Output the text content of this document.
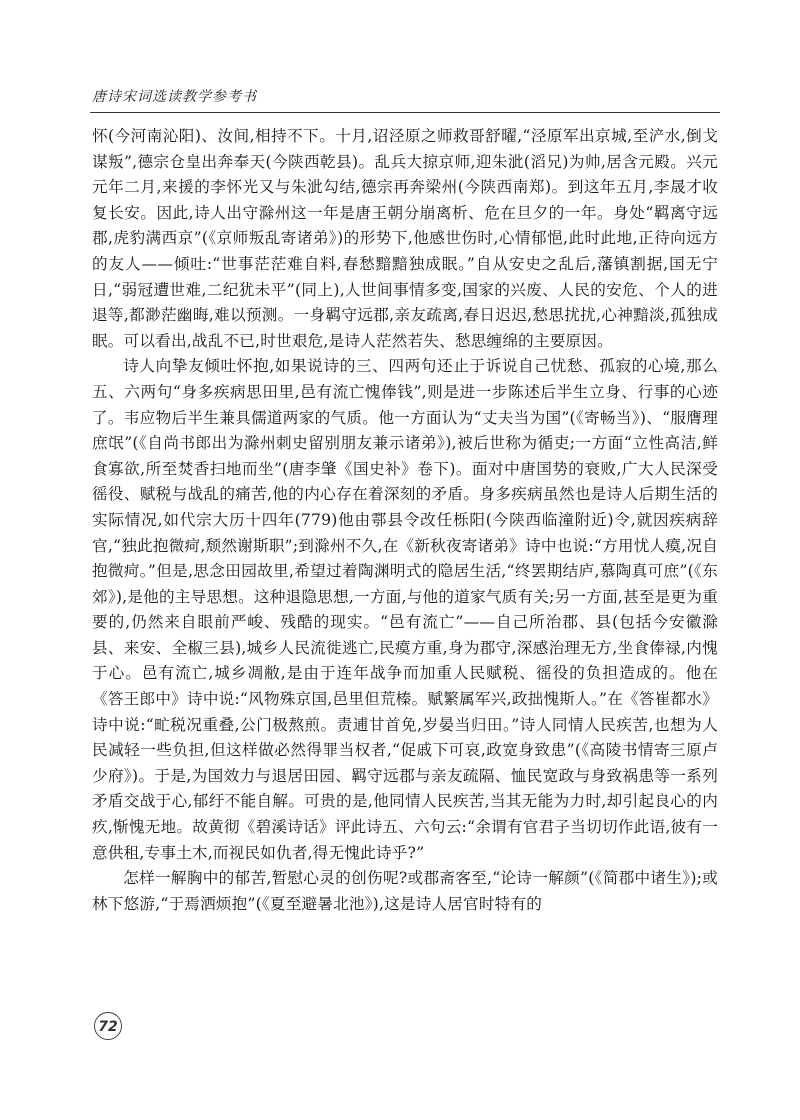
唐诗宋词选读教学参考书

怀(今河南沁阳)、汝间,相持不下。十月,诏泾原之师救哥舒曜,“泾原军出京城,至浐水,倒戈谋叛”,德宗仓皇出奔奉天(今陕西乾县)。乱兵大掠京师,迎朱泚(滔兄)为帅,居含元殿。兴元元年二月,来援的李怀光又与朱泚勾结,德宗再奔梁州(今陕西南郑)。到这年五月,李晟才收复长安。因此,诗人出守滁州这一年是唐王朝分崩离析、危在旦夕的一年。身处“羁离守远郡,虎豹满西京”(《京师叛乱寄诸弟》)的形势下,他感世伤时,心情郁悒,此时此地,正待向远方的友人——倾吐:“世事茫茫难自料,春愁黯黯独成眠。”自从安史之乱后,藩镇割据,国无宁日,“弱冠遭世难,二纪犹未平”(同上),人世间事情多变,国家的兴废、人民的安危、个人的进退等,都渺茫幽晦,难以预测。一身羁守远郡,亲友疏离,春日迟迟,愁思扰扰,心神黯淡,孤独成眠。可以看出,战乱不已,时世艰危,是诗人茫然若失、愁思缠绵的主要原因。

诗人向挚友倾吐怀抱,如果说诗的三、四两句还止于诉说自己忧愁、孤寂的心境,那么五、六两句“身多疾病思田里,邑有流亡愧俸钱”,则是进一步陈述后半生立身、行事的心迹了。韦应物后半生兼具儒道两家的气质。他一方面认为“丈夫当为国”(《寄畅当》)、“服膺理庶氓”(《自尚书郎出为滁州刺史留别朋友兼示诸弟》),被后世称为循吏;一方面“立性高洁,鲜食寡欲,所至焚香扫地而坐”(唐李肇《国史补》卷下)。面对中唐国势的衰败,广大人民深受徭役、赋税与战乱的痛苦,他的内心存在着深刻的矛盾。身多疾病虽然也是诗人后期生活的实际情况,如代宗大历十四年(779)他由鄠县令改任栎阳(今陕西临潼附近)令,就因疾病辞官,“独此抱微疴,颓然谢斯职”;到滁州不久,在《新秋夜寄诸弟》诗中也说:“方用忧人瘼,况自抱微疴。”但是,思念田园故里,希望过着陶渊明式的隐居生活,“终罢期结庐,慕陶真可庶”(《东郊》),是他的主导思想。这种退隐思想,一方面,与他的道家气质有关;另一方面,甚至是更为重要的,仍然来自眼前严峻、残酷的现实。“邑有流亡”——自己所治郡、县(包括今安徽滁县、来安、全椒三县),城乡人民流徙逃亡,民瘼方重,身为郡守,深感治理无方,坐食俸禄,内愧于心。邑有流亡,城乡凋敝,是由于连年战争而加重人民赋税、徭役的负担造成的。他在《答王郎中》诗中说:“风物殊京国,邑里但荒榛。赋繁属军兴,政拙愧斯人。”在《答崔都水》诗中说:“甿税况重叠,公门极熬煎。责逋甘首免,岁晏当归田。”诗人同情人民疾苦,也想为人民减轻一些负担,但这样做必然得罪当权者,“促戚下可哀,政宽身致患”(《高陵书情寄三原卢少府》)。于是,为国效力与退居田园、羁守远郡与亲友疏隔、恤民宽政与身致祸患等一系列矛盾交战于心,郁纡不能自解。可贵的是,他同情人民疾苦,当其无能为力时,却引起良心的内疚,惭愧无地。故黄彻《碧溪诗话》评此诗五、六句云:“余谓有官君子当切切作此语,彼有一意供租,专事土木,而视民如仇者,得无愧此诗乎?”

怎样一解胸中的郁苦,暂慰心灵的创伤呢?或郡斋客至,“论诗一解颜”(《简郡中诸生》);或林下悠游,“于焉洒烦抱”(《夏至避暑北池》),这是诗人居官时特有的

72
